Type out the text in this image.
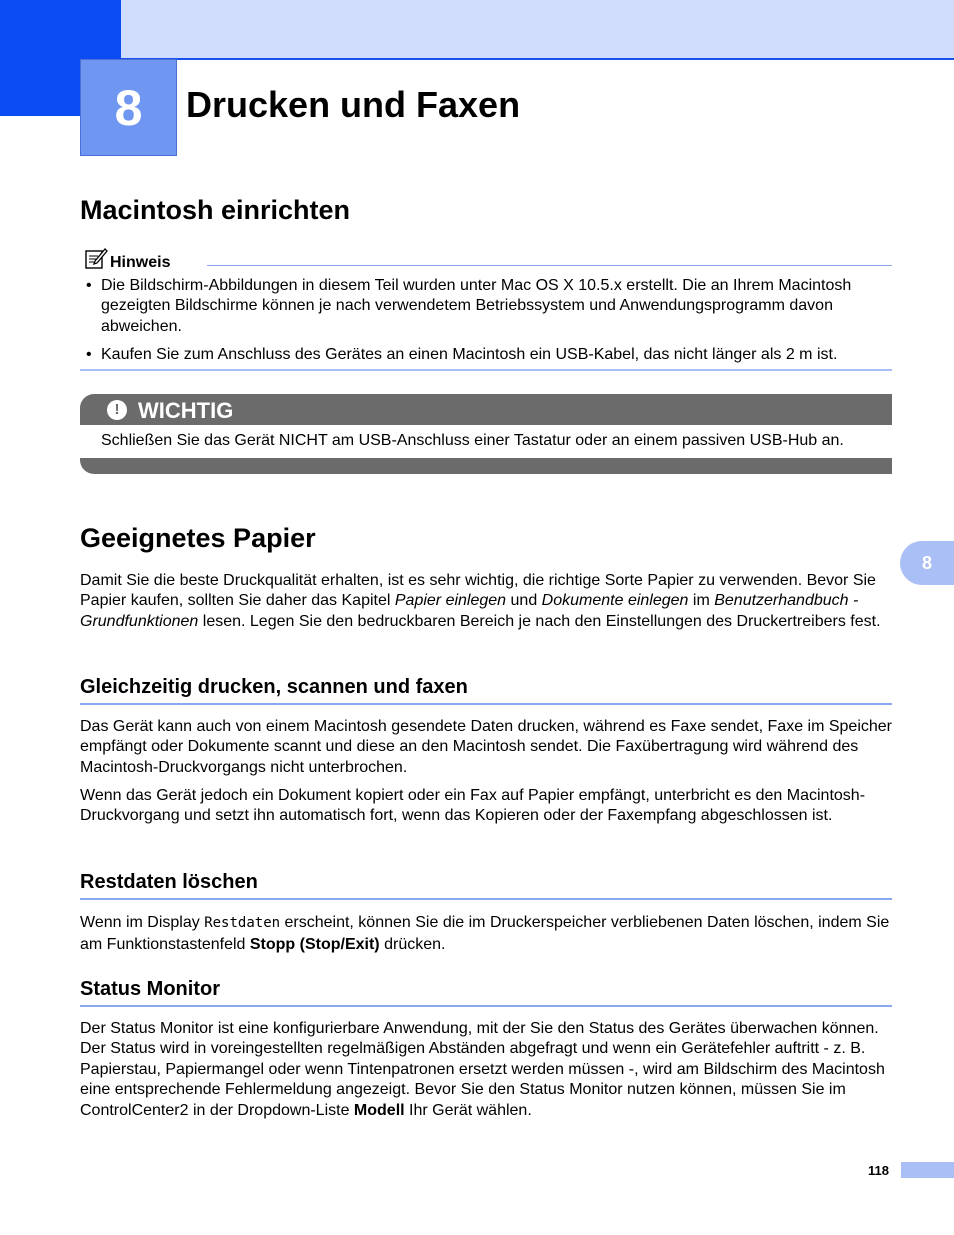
8 Drucken und Faxen
Macintosh einrichten
Hinweis
• Die Bildschirm-Abbildungen in diesem Teil wurden unter Mac OS X 10.5.x erstellt. Die an Ihrem Macintosh gezeigten Bildschirme können je nach verwendetem Betriebssystem und Anwendungsprogramm davon abweichen.
• Kaufen Sie zum Anschluss des Gerätes an einen Macintosh ein USB-Kabel, das nicht länger als 2 m ist.
! WICHTIG
Schließen Sie das Gerät NICHT am USB-Anschluss einer Tastatur oder an einem passiven USB-Hub an.
Geeignetes Papier
8

Damit Sie die beste Druckqualität erhalten, ist es sehr wichtig, die richtige Sorte Papier zu verwenden. Bevor Sie Papier kaufen, sollten Sie daher das Kapitel Papier einlegen und Dokumente einlegen im Benutzerhandbuch - Grundfunktionen lesen. Legen Sie den bedruckbaren Bereich je nach den Einstellungen des Druckertreibers fest.

Gleichzeitig drucken, scannen und faxen

Das Gerät kann auch von einem Macintosh gesendete Daten drucken, während es Faxe sendet, Faxe im Speicher empfängt oder Dokumente scannt und diese an den Macintosh sendet. Die Faxübertragung wird während des Macintosh-Druckvorgangs nicht unterbrochen.

Wenn das Gerät jedoch ein Dokument kopiert oder ein Fax auf Papier empfängt, unterbricht es den Macintosh-Druckvorgang und setzt ihn automatisch fort, wenn das Kopieren oder der Faxempfang abgeschlossen ist.

Restdaten löschen

Wenn im Display Restdaten erscheint, können Sie die im Druckerspeicher verbliebenen Daten löschen, indem Sie am Funktionstastenfeld Stopp (Stop/Exit) drücken.

Status Monitor

Der Status Monitor ist eine konfigurierbare Anwendung, mit der Sie den Status des Gerätes überwachen können. Der Status wird in voreingestellten regelmäßigen Abständen abgefragt und wenn ein Gerätefehler auftritt - z. B. Papierstau, Papiermangel oder wenn Tintenpatronen ersetzt werden müssen -, wird am Bildschirm des Macintosh eine entsprechende Fehlermeldung angezeigt. Bevor Sie den Status Monitor nutzen können, müssen Sie im ControlCenter2 in der Dropdown-Liste Modell Ihr Gerät wählen.

118
